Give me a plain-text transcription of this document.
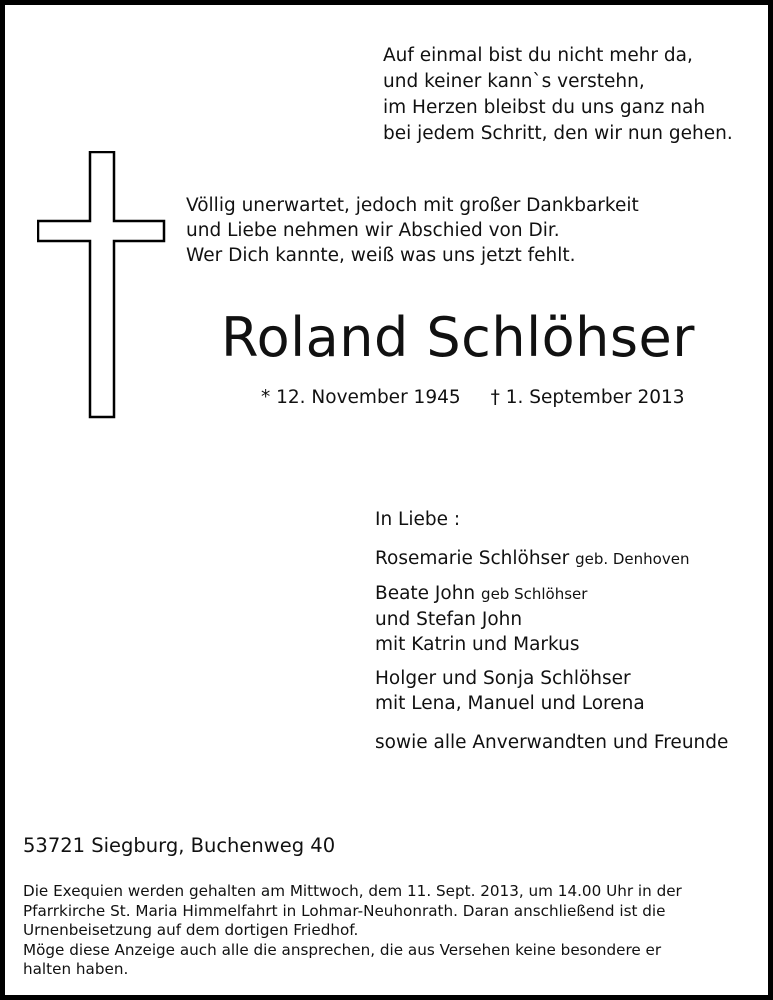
Auf einmal bist du nicht mehr da,
und keiner kann`s verstehn,
im Herzen bleibst du uns ganz nah
bei jedem Schritt, den wir nun gehen.
Völlig unerwartet, jedoch mit großer Dankbarkeit
und Liebe nehmen wir Abschied von Dir.
Wer Dich kannte, weiß was uns jetzt fehlt.
Roland Schlöhser
* 12. November 1945 † 1. September 2013
In Liebe :
Rosemarie Schlöhser geb. Denhoven
Beate John geb Schlöhser
und Stefan John
mit Katrin und Markus
Holger und Sonja Schlöhser
mit Lena, Manuel und Lorena
sowie alle Anverwandten und Freunde
53721 Siegburg, Buchenweg 40
Die Exequien werden gehalten am Mittwoch, dem 11. Sept. 2013, um 14.00 Uhr in der
Pfarrkirche St. Maria Himmelfahrt in Lohmar-Neuhonrath. Daran anschließend ist die
Urnenbeisetzung auf dem dortigen Friedhof.
Möge diese Anzeige auch alle die ansprechen, die aus Versehen keine besondere er
halten haben.
